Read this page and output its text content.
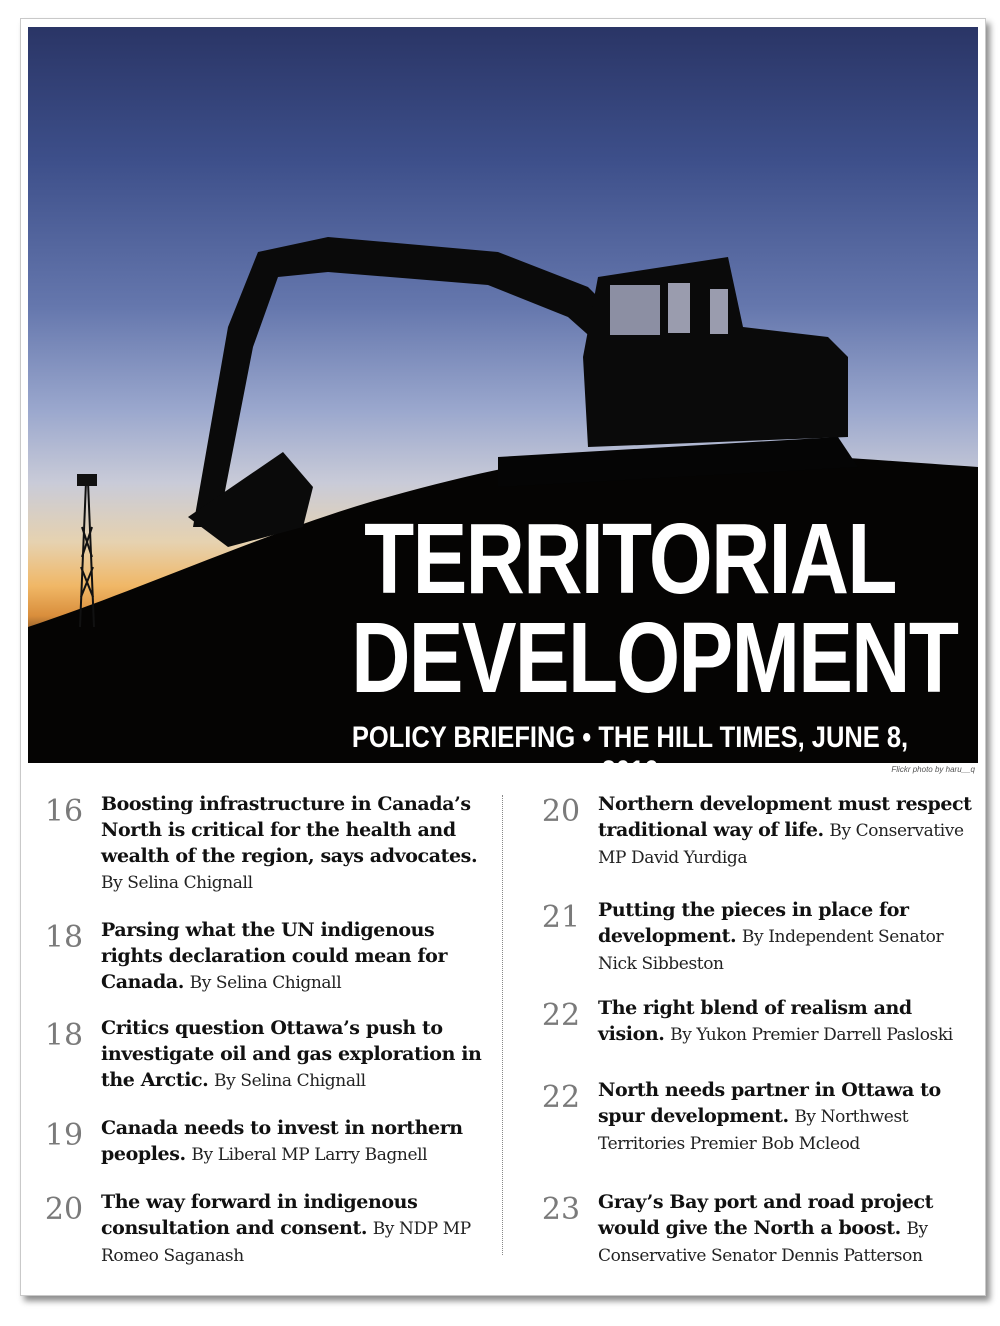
TERRITORIAL
DEVELOPMENT
POLICY BRIEFING • THE HILL TIMES, JUNE 8, 2016	Flickr photo by haru__q
16 Boosting infrastructure in Canada’s North is critical for the health and wealth of the region, says advocates. By Selina Chignall
18 Parsing what the UN indigenous rights declaration could mean for Canada. By Selina Chignall
18 Critics question Ottawa’s push to investigate oil and gas exploration in the Arctic. By Selina Chignall
19 Canada needs to invest in northern peoples. By Liberal MP Larry Bagnell
20 The way forward in indigenous consultation and consent. By NDP MP Romeo Saganash
20 Northern development must respect traditional way of life. By Conservative MP David Yurdiga
21 Putting the pieces in place for development. By Independent Senator Nick Sibbeston
22 The right blend of realism and vision. By Yukon Premier Darrell Pasloski
22 North needs partner in Ottawa to spur development. By Northwest Territories Premier Bob Mcleod
23 Gray’s Bay port and road project would give the North a boost. By Conservative Senator Dennis Patterson
